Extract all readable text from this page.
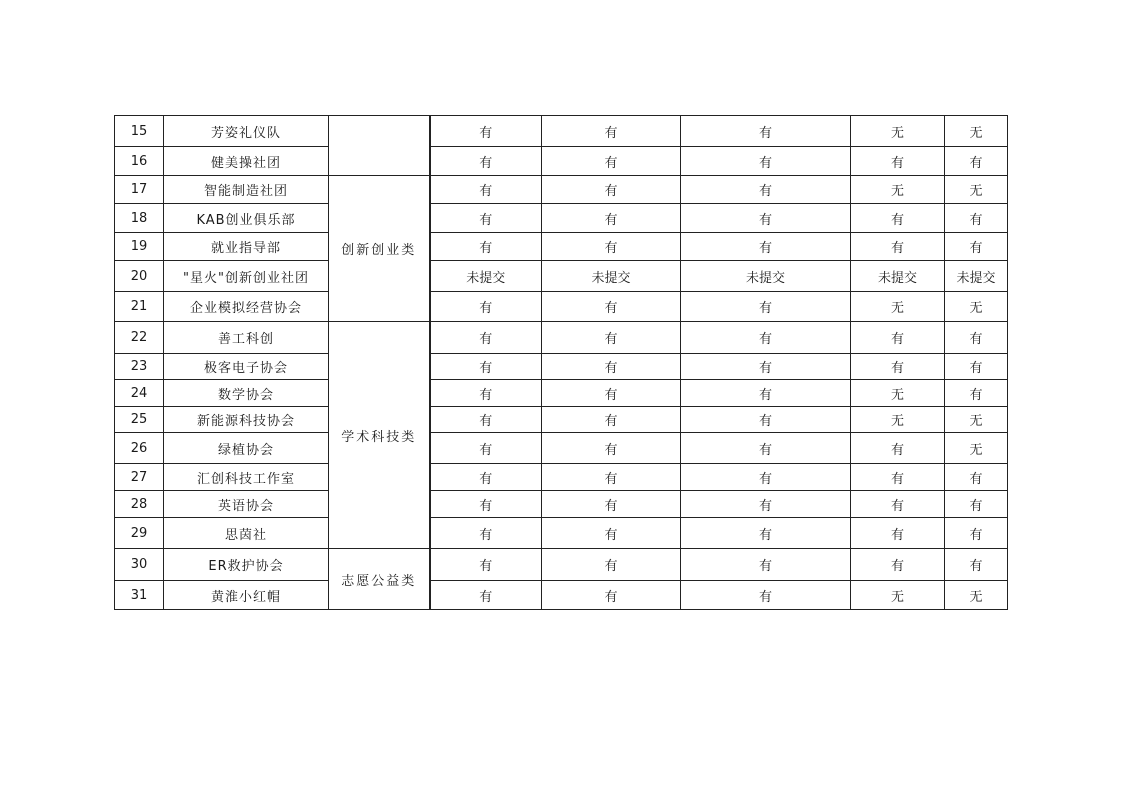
15	芳姿礼仪队		有	有	有	无	无
16	健美操社团		有	有	有	有	有
17	智能制造社团	创新创业类	有	有	有	无	无
18	KAB创业俱乐部		有	有	有	有	有
19	就业指导部		有	有	有	有	有
20	"星火"创新创业社团		未提交	未提交	未提交	未提交	未提交
21	企业模拟经营协会		有	有	有	无	无
22	善工科创	学术科技类	有	有	有	有	有
23	极客电子协会		有	有	有	有	有
24	数学协会		有	有	有	无	有
25	新能源科技协会		有	有	有	无	无
26	绿植协会		有	有	有	有	无
27	汇创科技工作室		有	有	有	有	有
28	英语协会		有	有	有	有	有
29	思茵社		有	有	有	有	有
30	ER救护协会	志愿公益类	有	有	有	有	有
31	黄淮小红帽		有	有	有	无	无
